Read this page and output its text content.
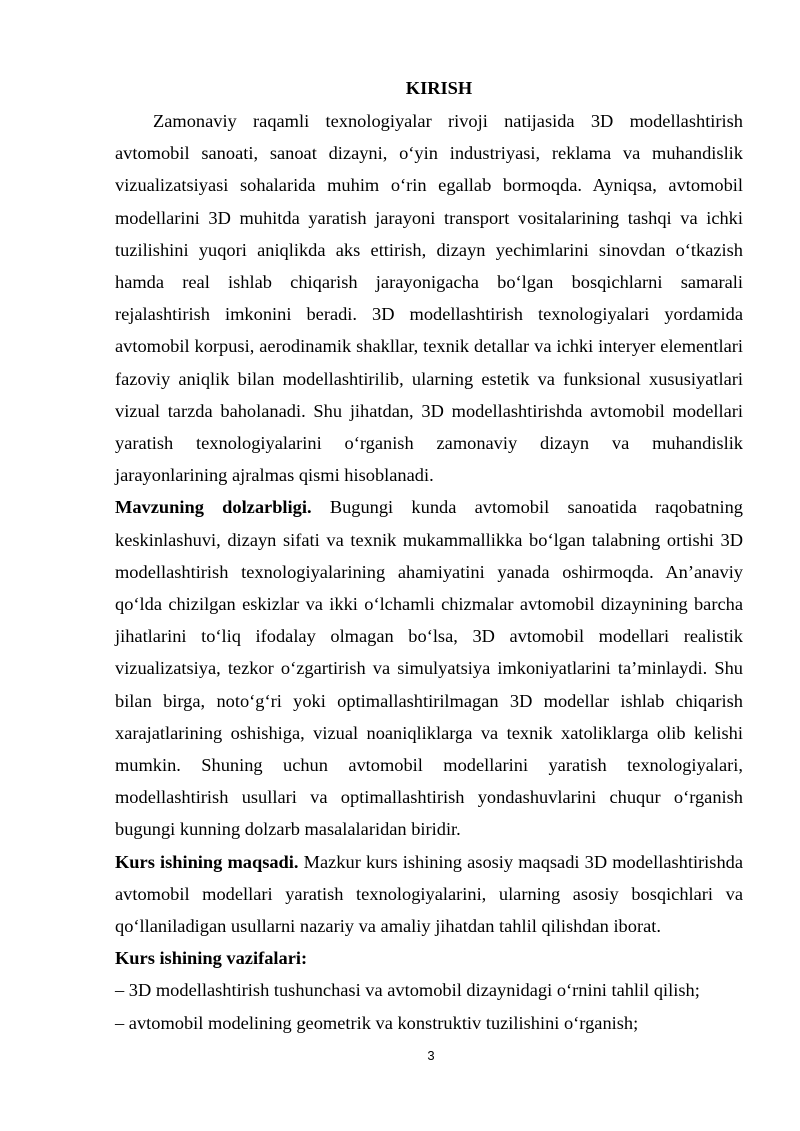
KIRISH

Zamonaviy raqamli texnologiyalar rivoji natijasida 3D modellashtirish avtomobil sanoati, sanoat dizayni, oʻyin industriyasi, reklama va muhandislik vizualizatsiyasi sohalarida muhim oʻrin egallab bormoqda. Ayniqsa, avtomobil modellarini 3D muhitda yaratish jarayoni transport vositalarining tashqi va ichki tuzilishini yuqori aniqlikda aks ettirish, dizayn yechimlarini sinovdan oʻtkazish hamda real ishlab chiqarish jarayonigacha boʻlgan bosqichlarni samarali rejalashtirish imkonini beradi. 3D modellashtirish texnologiyalari yordamida avtomobil korpusi, aerodinamik shakllar, texnik detallar va ichki interyer elementlari fazoviy aniqlik bilan modellashtirilib, ularning estetik va funksional xususiyatlari vizual tarzda baholanadi. Shu jihatdan, 3D modellashtirishda avtomobil modellari yaratish texnologiyalarini oʻrganish zamonaviy dizayn va muhandislik jarayonlarining ajralmas qismi hisoblanadi.

Mavzuning dolzarbligi. Bugungi kunda avtomobil sanoatida raqobatning keskinlashuvi, dizayn sifati va texnik mukammallikka boʻlgan talabning ortishi 3D modellashtirish texnologiyalarining ahamiyatini yanada oshirmoqda. An’anaviy qoʻlda chizilgan eskizlar va ikki oʻlchamli chizmalar avtomobil dizaynining barcha jihatlarini toʻliq ifodalay olmagan boʻlsa, 3D avtomobil modellari realistik vizualizatsiya, tezkor oʻzgartirish va simulyatsiya imkoniyatlarini ta’minlaydi. Shu bilan birga, notoʻgʻri yoki optimallashtirilmagan 3D modellar ishlab chiqarish xarajatlarining oshishiga, vizual noaniqliklarga va texnik xatoliklarga olib kelishi mumkin. Shuning uchun avtomobil modellarini yaratish texnologiyalari, modellashtirish usullari va optimallashtirish yondashuvlarini chuqur oʻrganish bugungi kunning dolzarb masalalaridan biridir.

Kurs ishining maqsadi. Mazkur kurs ishining asosiy maqsadi 3D modellashtirishda avtomobil modellari yaratish texnologiyalarini, ularning asosiy bosqichlari va qoʻllaniladigan usullarni nazariy va amaliy jihatdan tahlil qilishdan iborat.

Kurs ishining vazifalari:

– 3D modellashtirish tushunchasi va avtomobil dizaynidagi oʻrnini tahlil qilish;

– avtomobil modelining geometrik va konstruktiv tuzilishini oʻrganish;

3
